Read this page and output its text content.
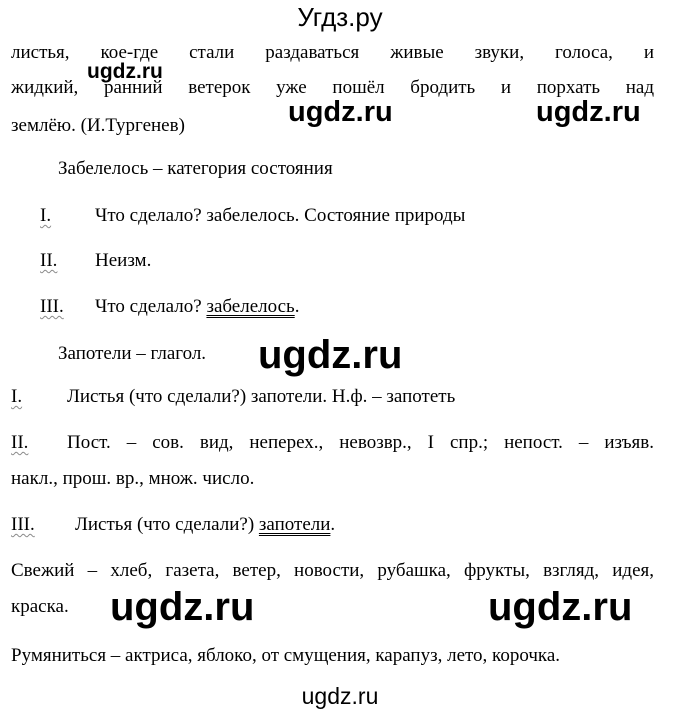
Угдз.ру
листья, кое-где стали раздаваться живые звуки, голоса, и
ugdz.ru
жидкий, ранний ветерок уже пошёл бродить и порхать над
ugdz.ru	ugdz.ru
землёю. (И.Тургенев)
Забелелось – категория состояния
I. Что сделало? забелелось. Состояние природы
II. Неизм.
III. Что сделало? забелелось.
Запотели – глагол. ugdz.ru
I. Листья (что сделали?) запотели. Н.ф. – запотеть
II. Пост. – сов. вид, неперех., невозвр., I спр.; непост. – изъяв.
накл., прош. вр., множ. число.
III. Листья (что сделали?) запотели.
Свежий – хлеб, газета, ветер, новости, рубашка, фрукты, взгляд, идея,
краска. ugdz.ru	ugdz.ru
Румяниться – актриса, яблоко, от смущения, карапуз, лето, корочка.
ugdz.ru
